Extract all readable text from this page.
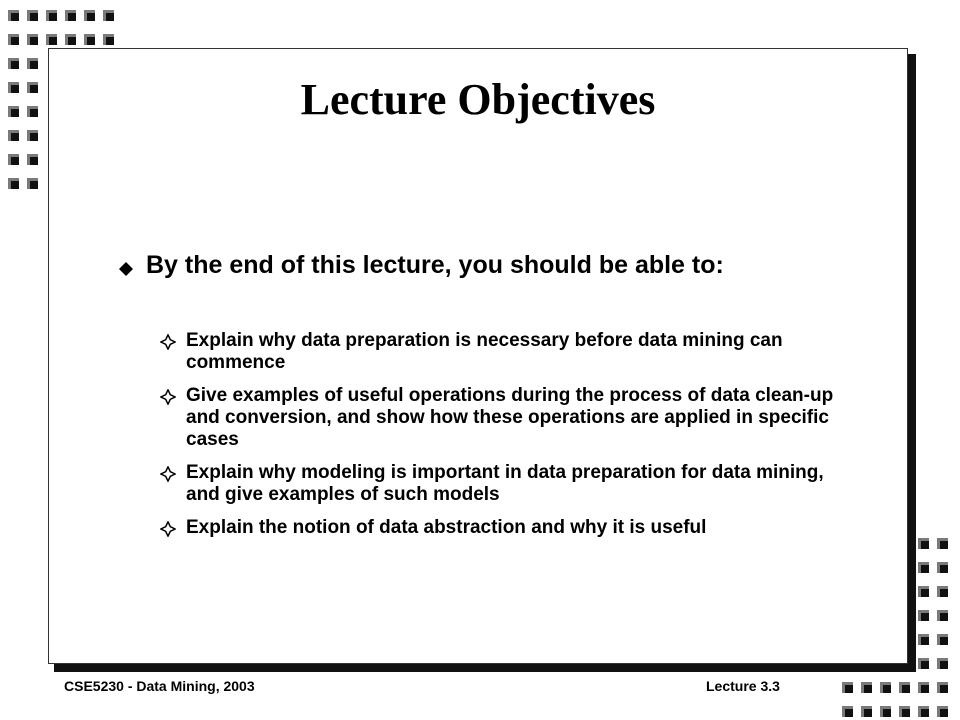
Lecture Objectives
By the end of this lecture, you should be able to:
Explain why data preparation is necessary before data mining can commence
Give examples of useful operations during the process of data clean-up and conversion, and show how these operations are applied in specific cases
Explain why modeling is important in data preparation for data mining, and give examples of such models
Explain the notion of data abstraction and why it is useful
CSE5230 - Data Mining, 2003	Lecture 3.3
